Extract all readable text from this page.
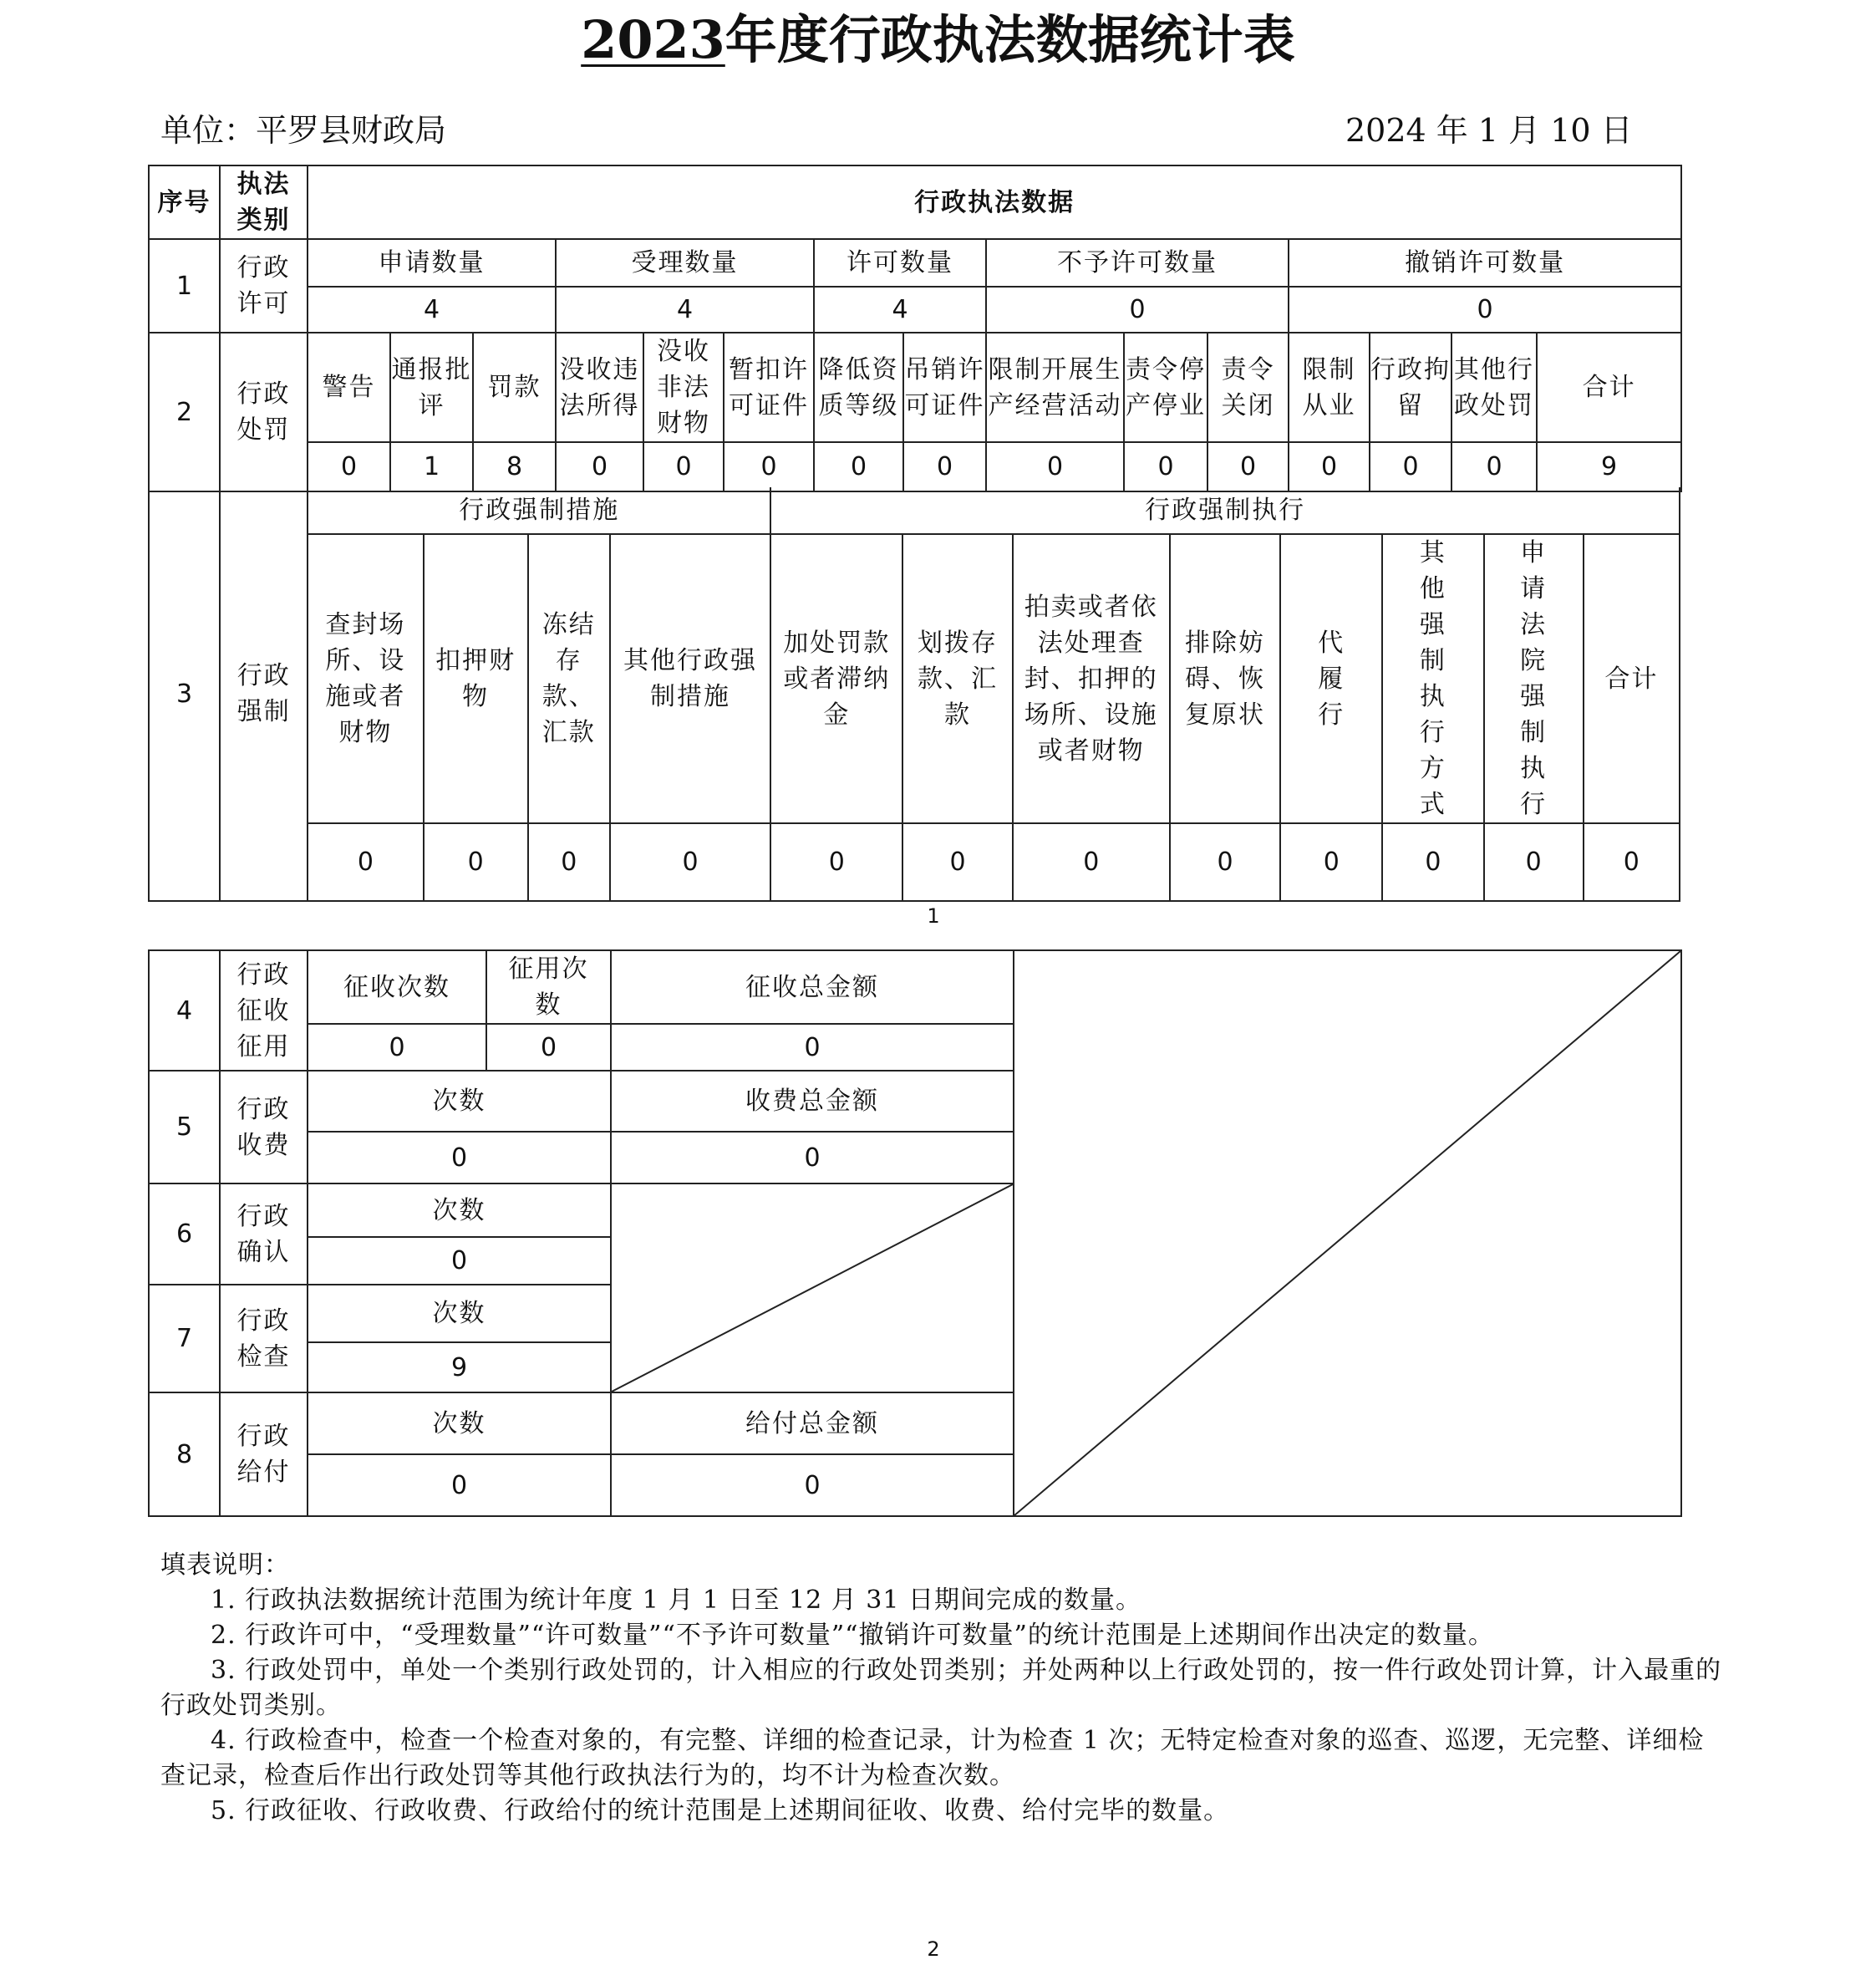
2023年度行政执法数据统计表
单位：平罗县财政局	2024 年 1 月 10 日
序号	执法类别	行政执法数据														
1	行政许可	申请数量			受理数量			许可数量		不予许可数量			撤销许可数量			
		4			4			4		0			0			
2	行政处罚	警告	通报批评	罚款	没收违法所得	没收非法财物	暂扣许可证件	降低资质等级	吊销许可证件	限制开展生产经营活动	责令停产停业	责令关闭	限制从业	行政拘留	其他行政处罚	合计
		0	1	8	0	0	0	0	0	0	0	0	0	0	0	9
3	行政强制	行政强制措施				行政强制执行							
		查封场所、设施或者财物	扣押财物	冻结存款、汇款	其他行政强制措施	加处罚款或者滞纳金	划拨存款、汇款	拍卖或者依法处理查封、扣押的场所、设施或者财物	排除妨碍、恢复原状	代履行	其他强制执行方式	申请法院强制执行	合计
		0	0	0	0	0	0	0	0	0	0	0	0
1
4	行政征收征用	征收次数	征用次数	征收总金额	

		0	0	0	
5	行政收费	次数		收费总金额	
		0		0	
6	行政确认	次数	

		0			
7	行政检查	次数			
		9			
8	行政给付	次数		给付总金额	
		0		0	

填表说明：

1. 行政执法数据统计范围为统计年度 1 月 1 日至 12 月 31 日期间完成的数量。

2. 行政许可中，“受理数量”“许可数量”“不予许可数量”“撤销许可数量”的统计范围是上述期间作出决定的数量。

3. 行政处罚中，单处一个类别行政处罚的，计入相应的行政处罚类别；并处两种以上行政处罚的，按一件行政处罚计算，计入最重的行政处罚类别。

4. 行政检查中，检查一个检查对象的，有完整、详细的检查记录，计为检查 1 次；无特定检查对象的巡查、巡逻，无完整、详细检查记录，检查后作出行政处罚等其他行政执法行为的，均不计为检查次数。

5. 行政征收、行政收费、行政给付的统计范围是上述期间征收、收费、给付完毕的数量。

2
